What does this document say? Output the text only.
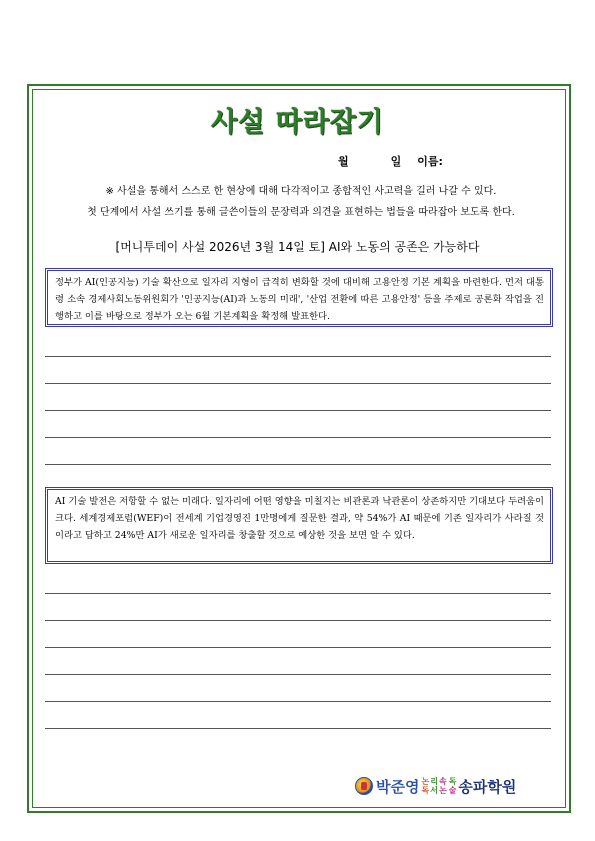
사설 따라잡기
월	일 이름:
※ 사설을 통해서 스스로 한 현상에 대해 다각적이고 종합적인 사고력을 길러 나갈 수 있다.
첫 단계에서 사설 쓰기를 통해 글쓴이들의 문장력과 의견을 표현하는 법들을 따라잡아 보도록 한다.
[머니투데이 사설 2026년 3월 14일 토] AI와 노동의 공존은 가능하다
정부가 AI(인공지능) 기술 확산으로 일자리 지형이 급격히 변화할 것에 대비해 고용안정 기본 계획을 마련한다. 먼저 대통령 소속 경제사회노동위원회가 '인공지능(AI)과 노동의 미래', '산업 전환에 따른 고용안정' 등을 주제로 공론화 작업을 진행하고 이를 바탕으로 정부가 오는 6월 기본계획을 확정해 발표한다.
AI 기술 발전은 저항할 수 없는 미래다. 일자리에 어떤 영향을 미칠지는 비관론과 낙관론이 상존하지만 기대보다 두려움이 크다. 세계경제포럼(WEF)이 전세계 기업경영진 1만명에게 질문한 결과, 약 54%가 AI 때문에 기존 일자리가 사라질 것이라고 답하고 24%만 AI가 새로운 일자리를 창출할 것으로 예상한 것을 보면 알 수 있다.
박준영 논 리 속
독 서 논
독
술 송파학원
